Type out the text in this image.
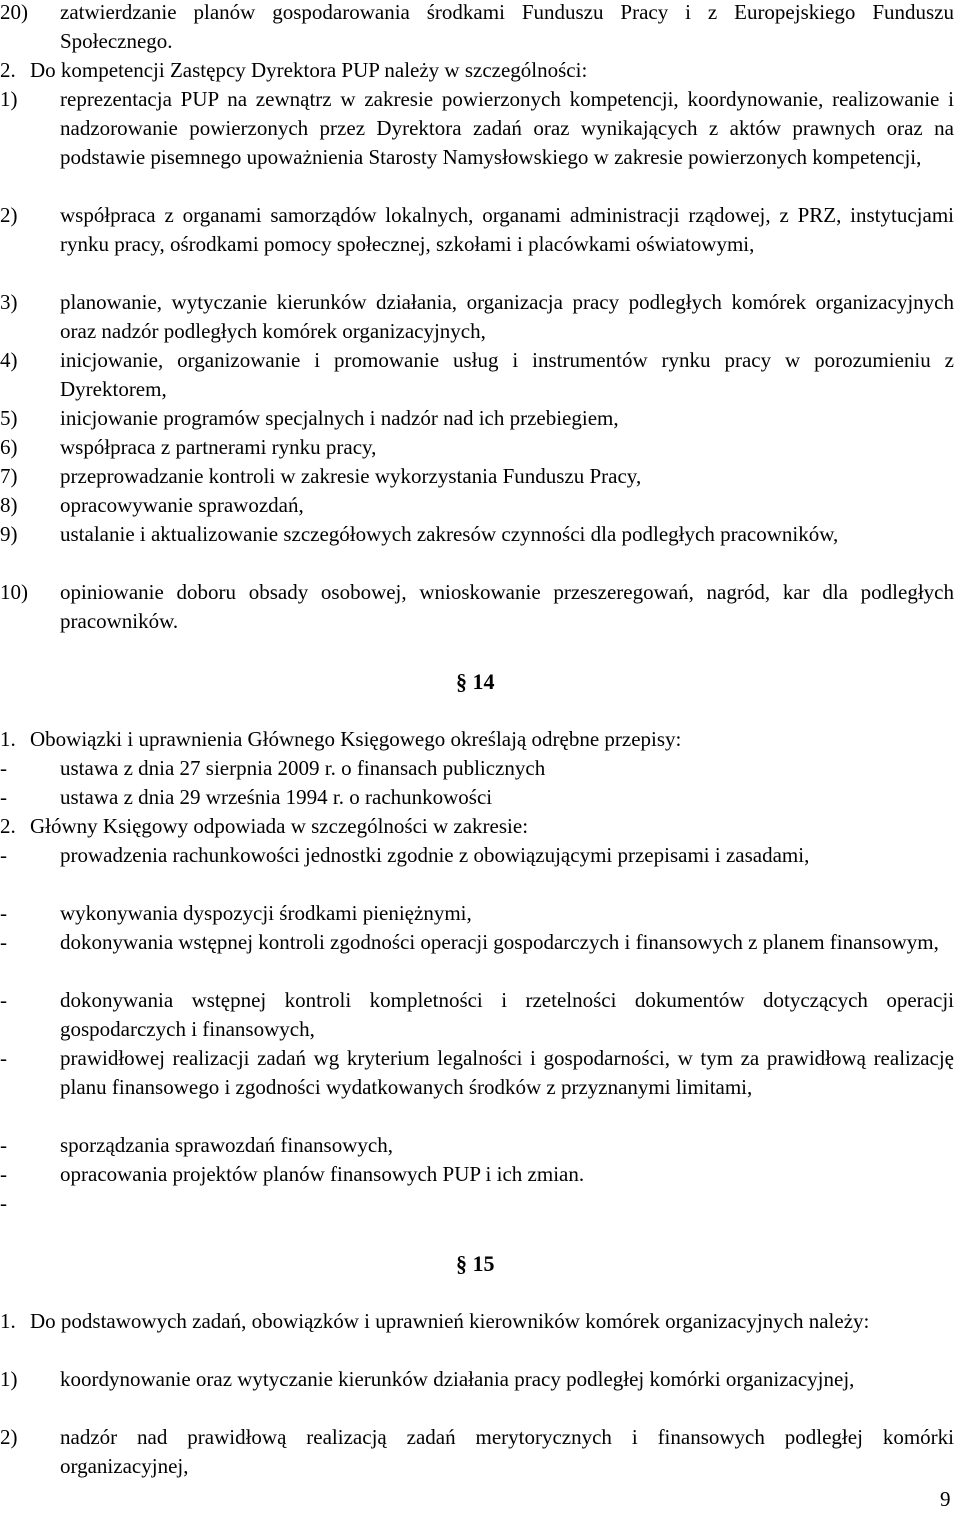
20) zatwierdzanie planów gospodarowania środkami Funduszu Pracy i z Europejskiego Funduszu Społecznego.
2. Do kompetencji Zastępcy Dyrektora PUP należy w szczególności:
1) reprezentacja PUP na zewnątrz w zakresie powierzonych kompetencji, koordynowanie, realizowanie i nadzorowanie powierzonych przez Dyrektora zadań oraz wynikających z aktów prawnych oraz na podstawie pisemnego upoważnienia Starosty Namysłowskiego w zakresie powierzonych kompetencji,
2) współpraca z organami samorządów lokalnych, organami administracji rządowej, z PRZ, instytucjami rynku pracy, ośrodkami pomocy społecznej, szkołami i placówkami oświatowymi,
3) planowanie, wytyczanie kierunków działania, organizacja pracy podległych komórek organizacyjnych oraz nadzór podległych komórek organizacyjnych,
4) inicjowanie, organizowanie i promowanie usług i instrumentów rynku pracy w porozumieniu z Dyrektorem,
5) inicjowanie programów specjalnych i nadzór nad ich przebiegiem,
6) współpraca z partnerami rynku pracy,
7) przeprowadzanie kontroli w zakresie wykorzystania Funduszu Pracy,
8) opracowywanie sprawozdań,
9) ustalanie i aktualizowanie szczegółowych zakresów czynności dla podległych pracowników,
10) opiniowanie doboru obsady osobowej, wnioskowanie przeszeregowań, nagród, kar dla podległych pracowników.
§ 14
1. Obowiązki i uprawnienia Głównego Księgowego określają odrębne przepisy:
-	ustawa z dnia 27 sierpnia 2009 r. o finansach publicznych
-	ustawa z dnia 29 września 1994 r. o rachunkowości
2. Główny Księgowy odpowiada w szczególności w zakresie:
-	prowadzenia rachunkowości jednostki zgodnie z obowiązującymi przepisami i zasadami,
-	wykonywania dyspozycji środkami pieniężnymi,
-	dokonywania wstępnej kontroli zgodności operacji gospodarczych i finansowych z planem finansowym,
-	dokonywania wstępnej kontroli kompletności i rzetelności dokumentów dotyczących operacji gospodarczych i finansowych,
-	prawidłowej realizacji zadań wg kryterium legalności i gospodarności, w tym za prawidłową realizację planu finansowego i zgodności wydatkowanych środków z przyznanymi limitami,
-	sporządzania sprawozdań finansowych,
-	opracowania projektów planów finansowych PUP i ich zmian.
-
§ 15
1. Do podstawowych zadań, obowiązków i uprawnień kierowników komórek organizacyjnych należy:
1) koordynowanie oraz wytyczanie kierunków działania pracy podległej komórki organizacyjnej,
2) nadzór nad prawidłową realizacją zadań merytorycznych i finansowych podległej komórki organizacyjnej,
9
